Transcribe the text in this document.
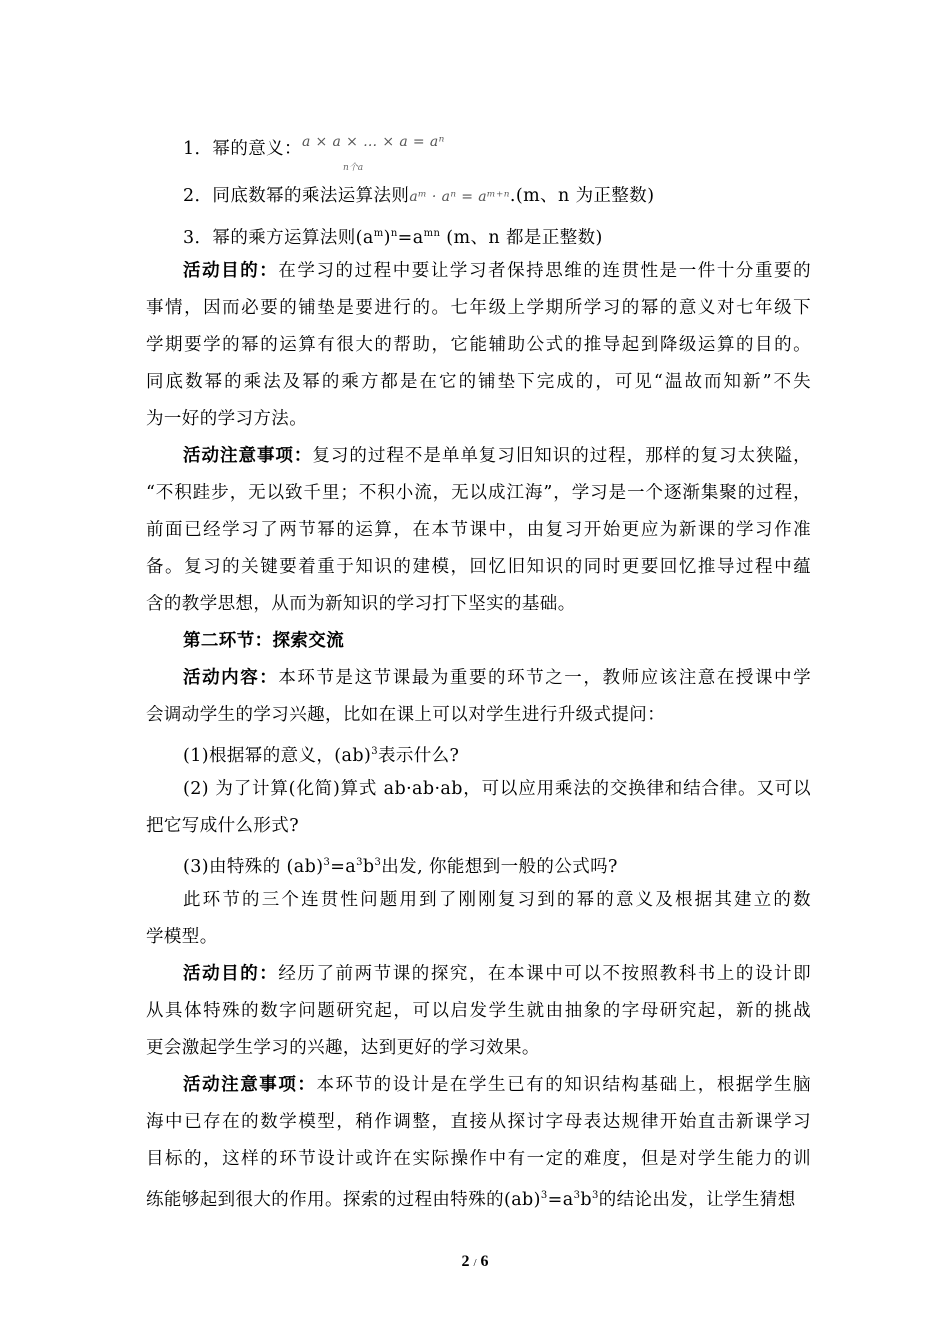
1．幂的意义：$^{a \times a \times \dots \times a = a^n}$
n个a
2．同底数幂的乘法运算法则aᵐ · aⁿ = aᵐ⁺ⁿ.(m、n 为正整数)
3．幂的乘方运算法则$(a^m)^n=a^{mn}$ (m、n 都是正整数)
活动目的：在学习的过程中要让学习者保持思维的连贯性是一件十分重要的
事情，因而必要的铺垫是要进行的。七年级上学期所学习的幂的意义对七年级下
学期要学的幂的运算有很大的帮助，它能辅助公式的推导起到降级运算的目的。
同底数幂的乘法及幂的乘方都是在它的铺垫下完成的，可见“温故而知新”不失
为一好的学习方法。
活动注意事项：复习的过程不是单单复习旧知识的过程，那样的复习太狭隘，
“不积跬步，无以致千里；不积小流，无以成江海”，学习是一个逐渐集聚的过程，
前面已经学习了两节幂的运算，在本节课中，由复习开始更应为新课的学习作准
备。复习的关键要着重于知识的建模，回忆旧知识的同时更要回忆推导过程中蕴
含的教学思想，从而为新知识的学习打下坚实的基础。
第二环节：探索交流
活动内容：本环节是这节课最为重要的环节之一，教师应该注意在授课中学
会调动学生的学习兴趣，比如在课上可以对学生进行升级式提问：
(1)根据幂的意义，(ab)$^3$表示什么?
(2) 为了计算(化简)算式 ab·ab·ab，可以应用乘法的交换律和结合律。又可以
把它写成什么形式?
(3)由特殊的 $(ab)^3=a^3b^3$出发, 你能想到一般的公式吗?
此环节的三个连贯性问题用到了刚刚复习到的幂的意义及根据其建立的数
学模型。
活动目的：经历了前两节课的探究，在本课中可以不按照教科书上的设计即
从具体特殊的数字问题研究起，可以启发学生就由抽象的字母研究起，新的挑战
更会激起学生学习的兴趣，达到更好的学习效果。
活动注意事项：本环节的设计是在学生已有的知识结构基础上，根据学生脑
海中已存在的数学模型，稍作调整，直接从探讨字母表达规律开始直击新课学习
目标的，这样的环节设计或许在实际操作中有一定的难度，但是对学生能力的训
练能够起到很大的作用。探索的过程由特殊的$(ab)^3=a^3b^3$的结论出发，让学生猜想
2 / 6
